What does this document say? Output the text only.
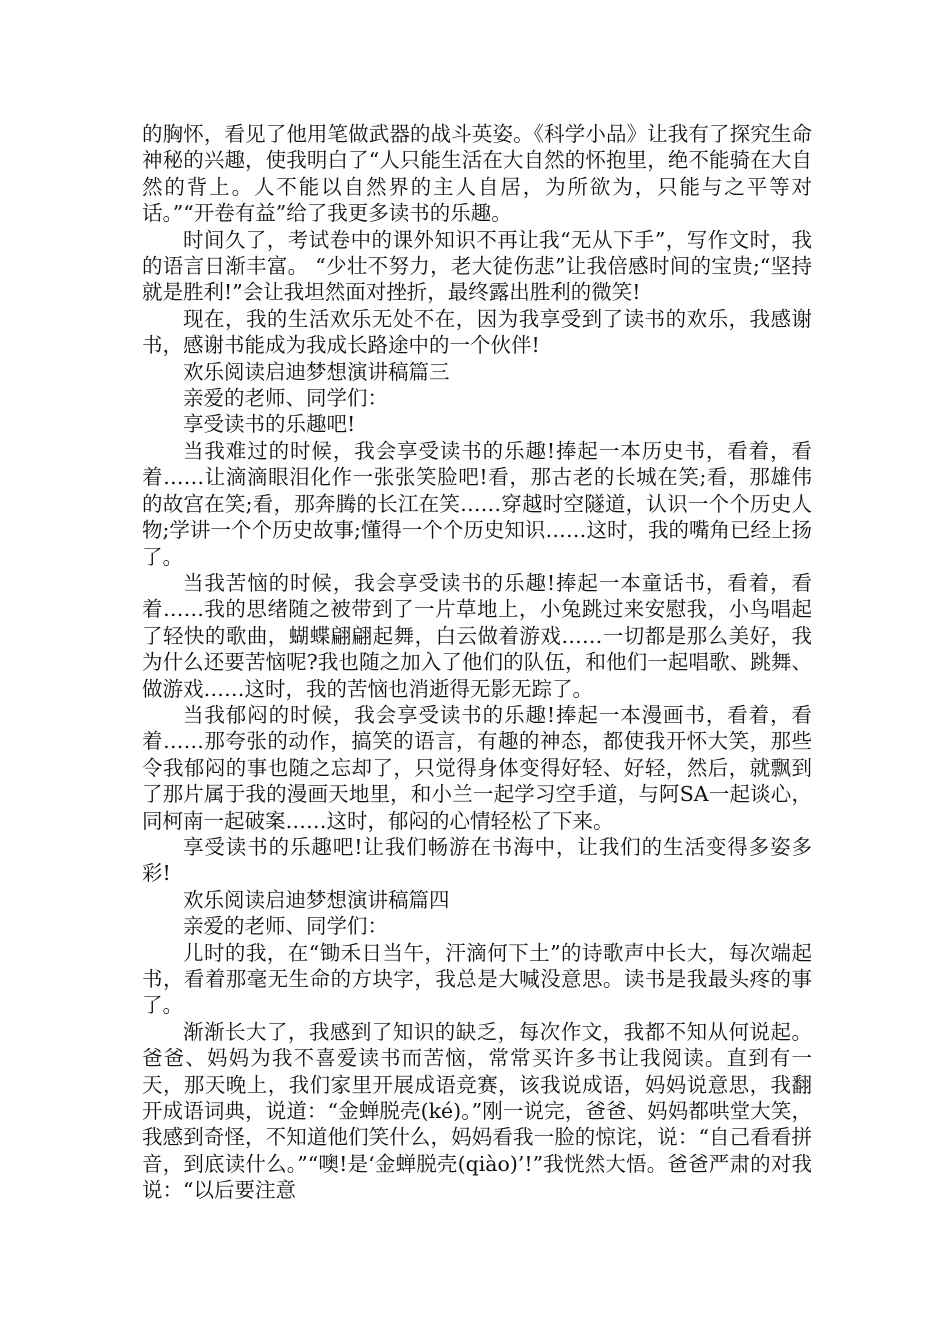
的胸怀，看见了他用笔做武器的战斗英姿。《科学小品》让我有了探究生命神秘的兴趣，使我明白了“人只能生活在大自然的怀抱里，绝不能骑在大自然的背上。人不能以自然界的主人自居，为所欲为，只能与之平等对话。”“开卷有益”给了我更多读书的乐趣。

时间久了，考试卷中的课外知识不再让我“无从下手”，写作文时，我的语言日渐丰富。 “少壮不努力，老大徒伤悲”让我倍感时间的宝贵;“坚持就是胜利!”会让我坦然面对挫折，最终露出胜利的微笑!

现在，我的生活欢乐无处不在，因为我享受到了读书的欢乐，我感谢书，感谢书能成为我成长路途中的一个伙伴!

欢乐阅读启迪梦想演讲稿篇三

亲爱的老师、同学们：

享受读书的乐趣吧!

当我难过的时候，我会享受读书的乐趣!捧起一本历史书，看着，看着……让滴滴眼泪化作一张张笑脸吧!看，那古老的长城在笑;看，那雄伟的故宫在笑;看，那奔腾的长江在笑……穿越时空隧道，认识一个个历史人物;学讲一个个历史故事;懂得一个个历史知识……这时，我的嘴角已经上扬了。

当我苦恼的时候，我会享受读书的乐趣!捧起一本童话书，看着，看着……我的思绪随之被带到了一片草地上，小兔跳过来安慰我，小鸟唱起了轻快的歌曲，蝴蝶翩翩起舞，白云做着游戏……一切都是那么美好，我为什么还要苦恼呢?我也随之加入了他们的队伍，和他们一起唱歌、跳舞、做游戏……这时，我的苦恼也消逝得无影无踪了。

当我郁闷的时候，我会享受读书的乐趣!捧起一本漫画书，看着，看着……那夸张的动作，搞笑的语言，有趣的神态，都使我开怀大笑，那些令我郁闷的事也随之忘却了，只觉得身体变得好轻、好轻，然后，就飘到了那片属于我的漫画天地里，和小兰一起学习空手道，与阿SA一起谈心，同柯南一起破案……这时，郁闷的心情轻松了下来。

享受读书的乐趣吧!让我们畅游在书海中，让我们的生活变得多姿多彩!

欢乐阅读启迪梦想演讲稿篇四

亲爱的老师、同学们：

儿时的我，在“锄禾日当午，汗滴何下土”的诗歌声中长大，每次端起书，看着那毫无生命的方块字，我总是大喊没意思。读书是我最头疼的事了。

渐渐长大了，我感到了知识的缺乏，每次作文，我都不知从何说起。爸爸、妈妈为我不喜爱读书而苦恼，常常买许多书让我阅读。直到有一天，那天晚上，我们家里开展成语竞赛，该我说成语，妈妈说意思，我翻开成语词典，说道：“金蝉脱壳(ké)。”刚一说完，爸爸、妈妈都哄堂大笑，我感到奇怪，不知道他们笑什么，妈妈看我一脸的惊诧，说：“自己看看拼音，到底读什么。”“噢!是‘金蝉脱壳(qiào)’!”我恍然大悟。爸爸严肃的对我说：“以后要注意
